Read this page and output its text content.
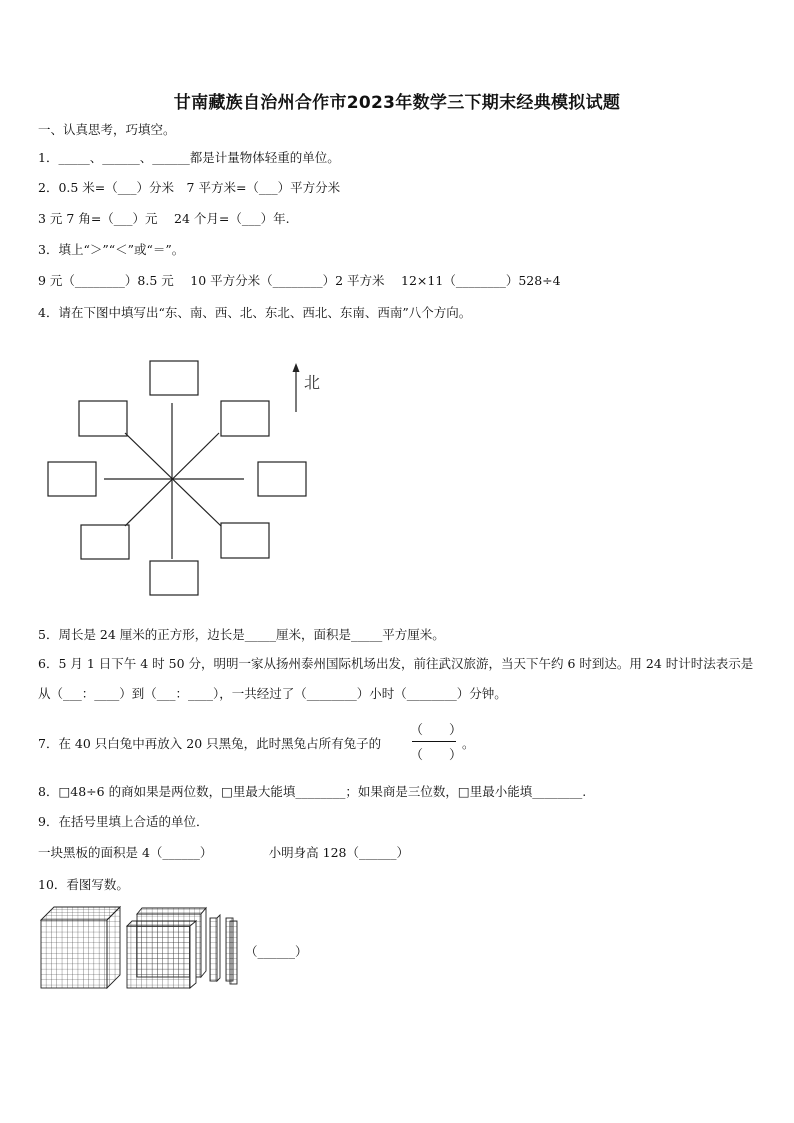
甘南藏族自治州合作市2023年数学三下期末经典模拟试题
一、认真思考，巧填空。
1．_____、______、______都是计量物体轻重的单位。
2．0.5 米=（___）分米　7 平方米=（___）平方分米
3 元 7 角=（___）元　 24 个月=（___）年.
3．填上“＞”“＜”或“＝”。
9 元（________）8.5 元　 10 平方分米（________）2 平方米　 12×11（________）528÷4
4．请在下图中填写出“东、南、西、北、东北、西北、东南、西南”八个方向。
北
5．周长是 24 厘米的正方形，边长是_____厘米，面积是_____平方厘米。
6．5 月 1 日下午 4 时 50 分，明明一家从扬州泰州国际机场出发，前往武汉旅游，当天下午约 6 时到达。用 24 时计时法表示是从（___：____）到（___：____），一共经过了（________）小时（________）分钟。
7．在 40 只白兔中再放入 20 只黑兔，此时黑兔占所有兔子的
（　　）
（　　）
。
8．□48÷6 的商如果是两位数，□里最大能填________；如果商是三位数，□里最小能填________.
9．在括号里填上合适的单位．
一块黑板的面积是 4（______）　　　　　小明身高 128（______）
10．看图写数。
（______）
